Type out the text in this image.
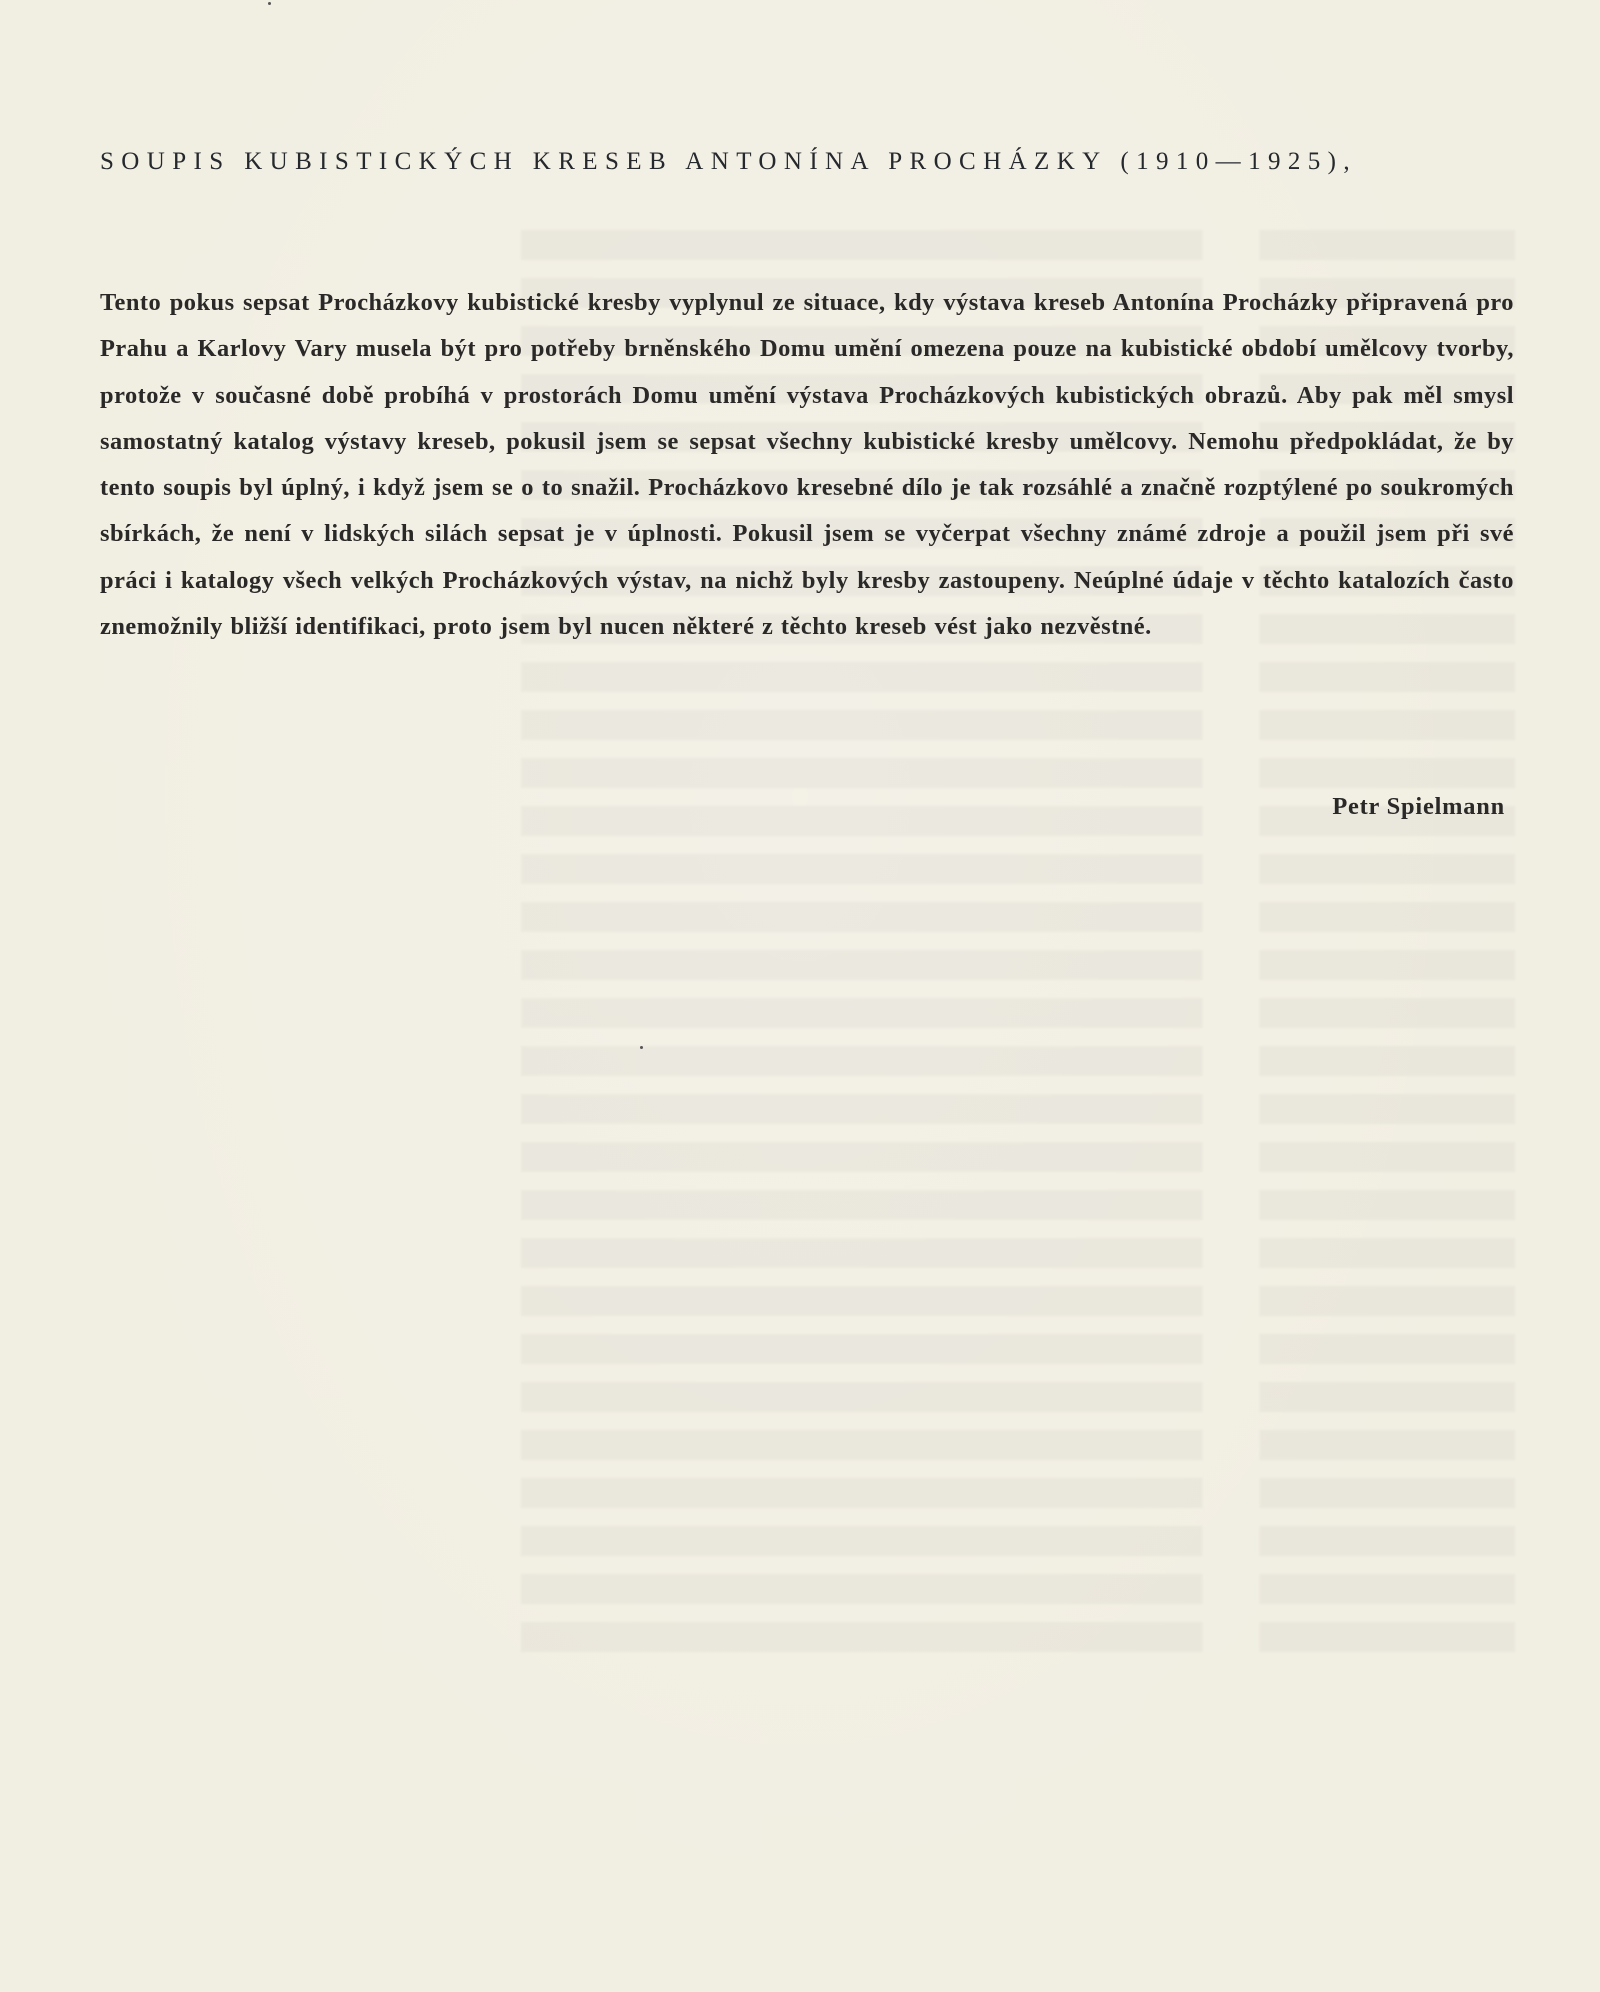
SOUPIS KUBISTICKÝCH KRESEB ANTONÍNA PROCHÁZKY (1910—1925),

Tento pokus sepsat Procházkovy kubistické kresby vyplynul ze situace, kdy výstava kreseb Antonína Procházky připravená pro Prahu a Karlovy Vary musela být pro potřeby brněnského Domu umění omezena pouze na kubistické období umělcovy tvorby, protože v současné době probíhá v prostorách Domu umění výstava Procházkových kubistických obrazů. Aby pak měl smysl samostatný katalog výstavy kreseb, pokusil jsem se sepsat všechny kubistické kresby umělcovy. Nemohu předpokládat, že by tento soupis byl úplný, i když jsem se o to snažil. Procházkovo kresebné dílo je tak rozsáhlé a značně rozptýlené po soukromých sbírkách, že není v lidských silách sepsat je v úplnosti. Pokusil jsem se vyčerpat všechny známé zdroje a použil jsem při své práci i katalogy všech velkých Procházkových výstav, na nichž byly kresby zastoupeny. Neúplné údaje v těchto katalozích často znemožnily bližší identifikaci, proto jsem byl nucen některé z těchto kreseb vést jako nezvěstné.

Petr Spielmann
